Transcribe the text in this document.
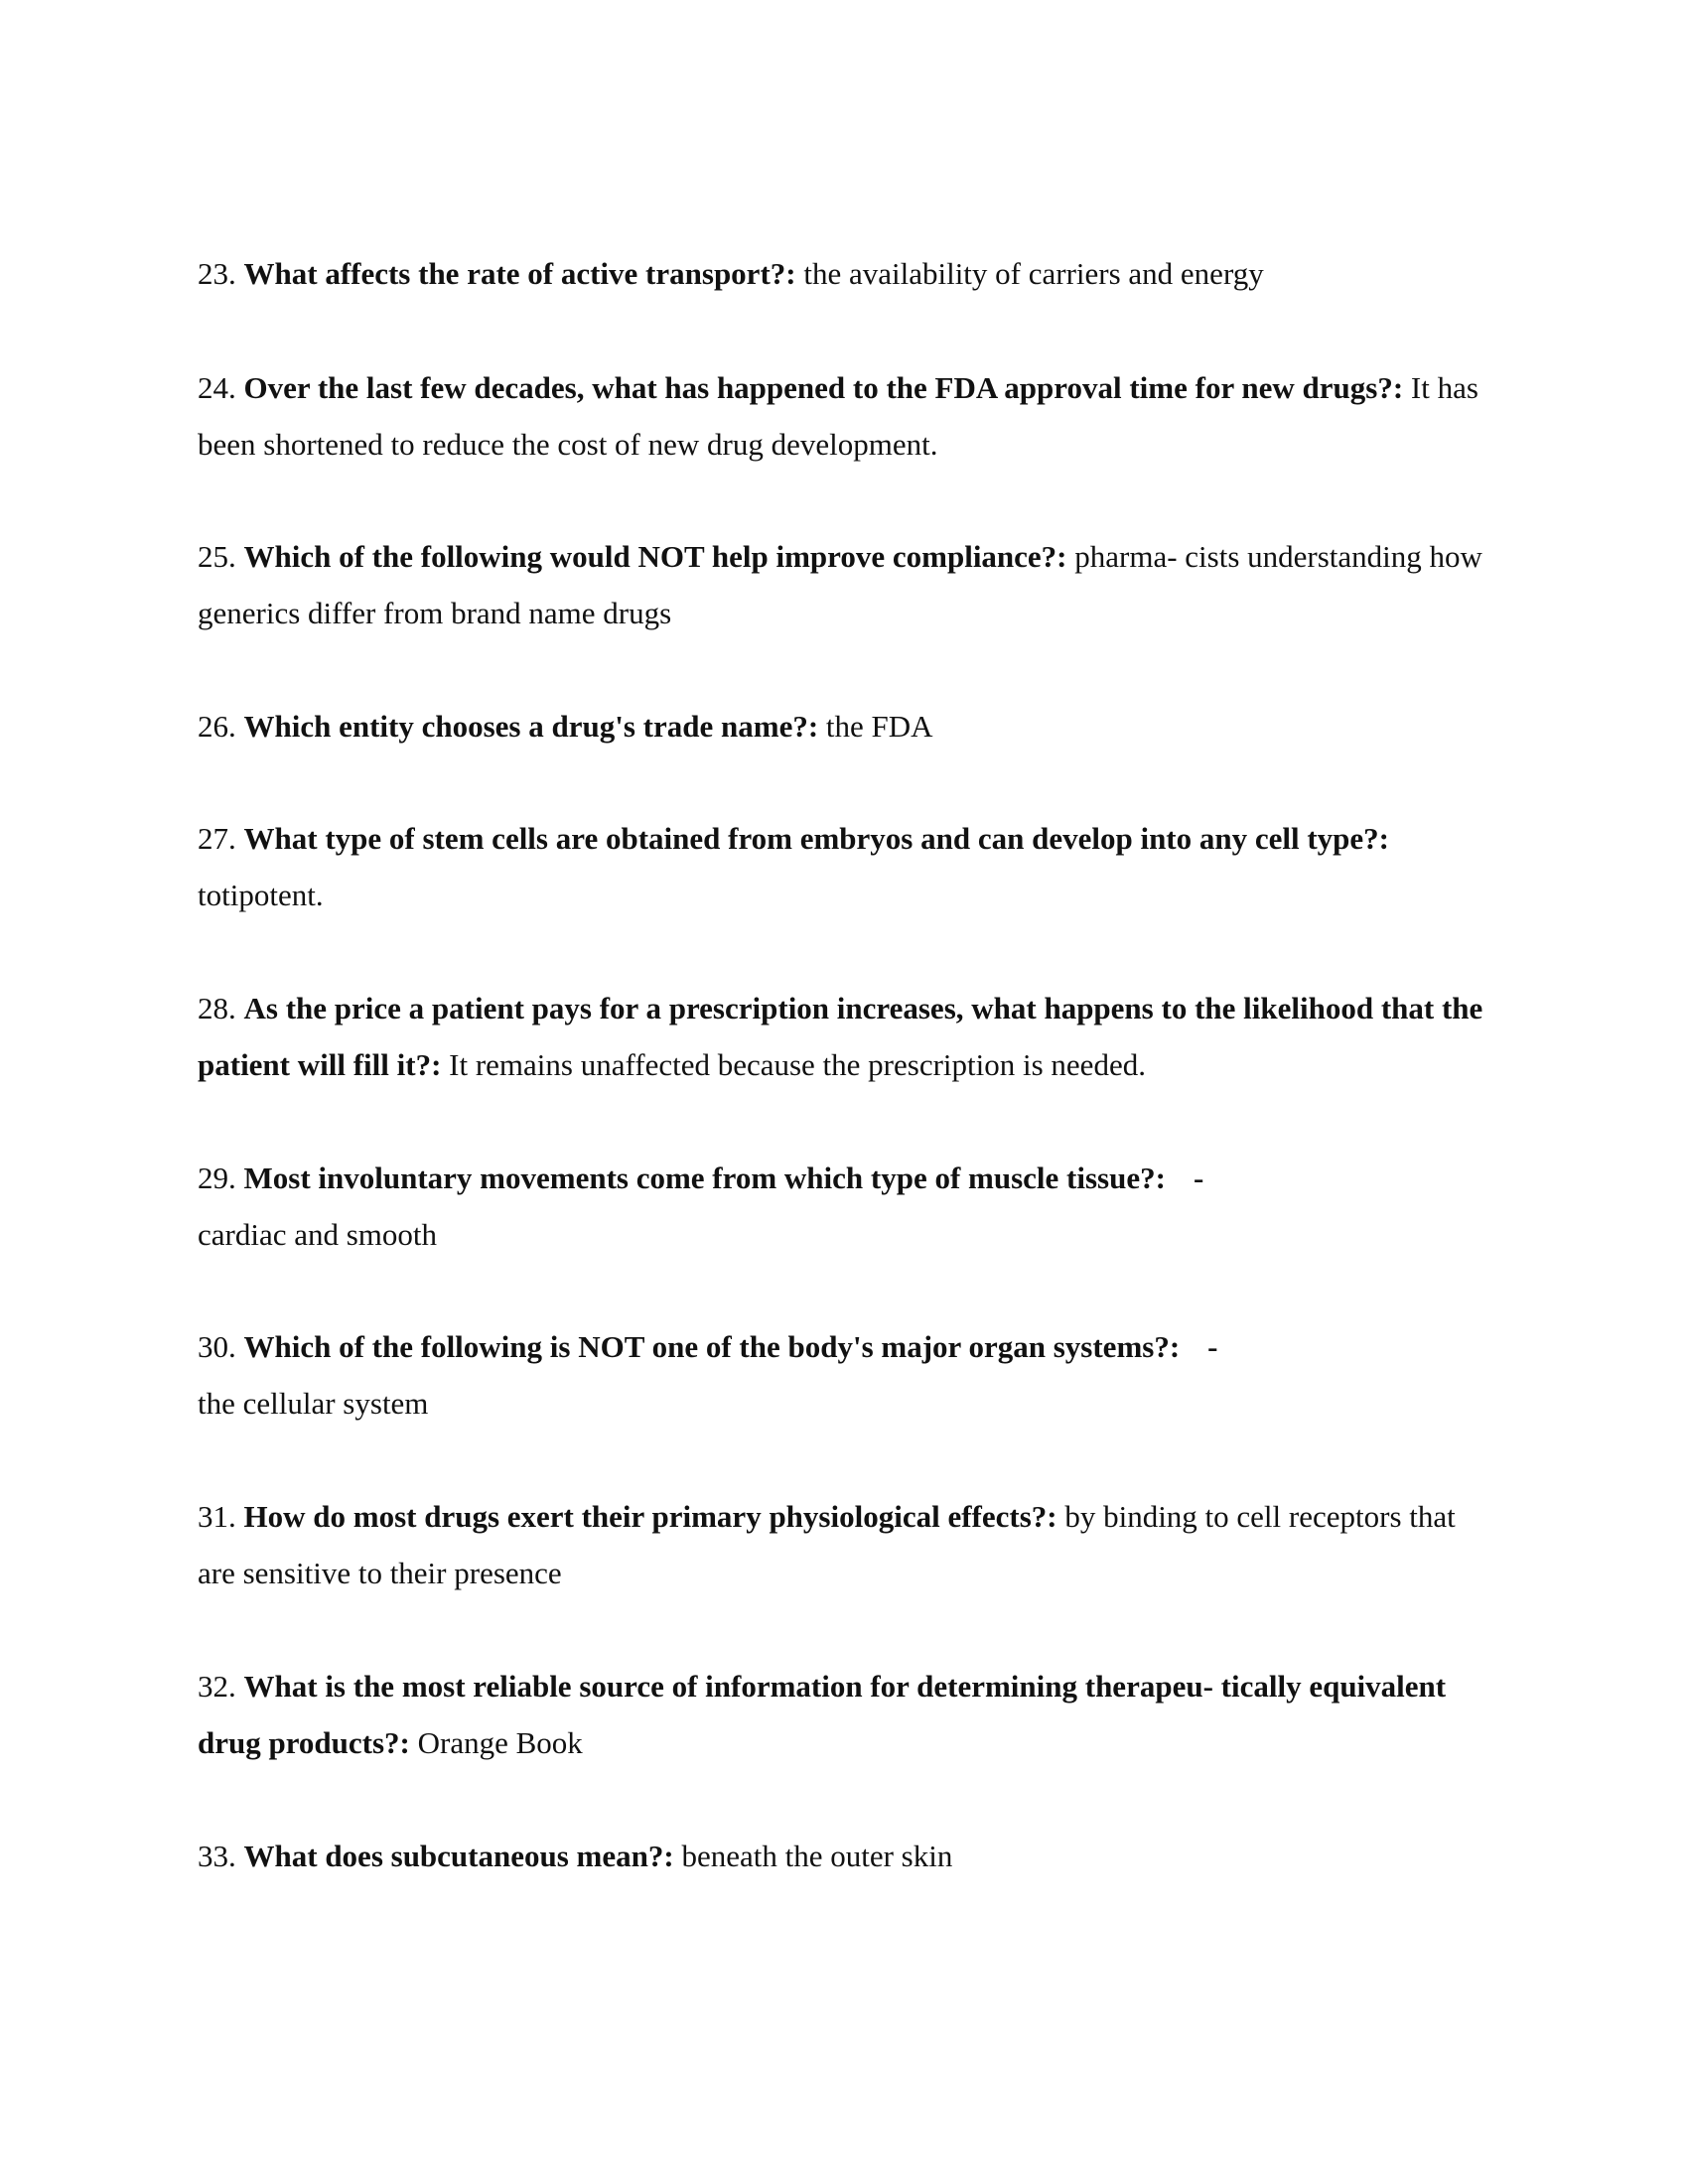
23. What affects the rate of active transport?: the availability of carriers and energy

24. Over the last few decades, what has happened to the FDA approval time for new drugs?: It has been shortened to reduce the cost of new drug development.

25. Which of the following would NOT help improve compliance?: pharma- cists understanding how generics differ from brand name drugs

26. Which entity chooses a drug's trade name?: the FDA

27. What type of stem cells are obtained from embryos and can develop into any cell type?: totipotent.

28. As the price a patient pays for a prescription increases, what happens to the likelihood that the patient will fill it?: It remains unaffected because the prescription is needed.

29. Most involuntary movements come from which type of muscle tissue?: -
cardiac and smooth

30. Which of the following is NOT one of the body's major organ systems?: -
the cellular system

31. How do most drugs exert their primary physiological effects?: by binding to cell receptors that are sensitive to their presence

32. What is the most reliable source of information for determining therapeu- tically equivalent drug products?: Orange Book

33. What does subcutaneous mean?: beneath the outer skin
